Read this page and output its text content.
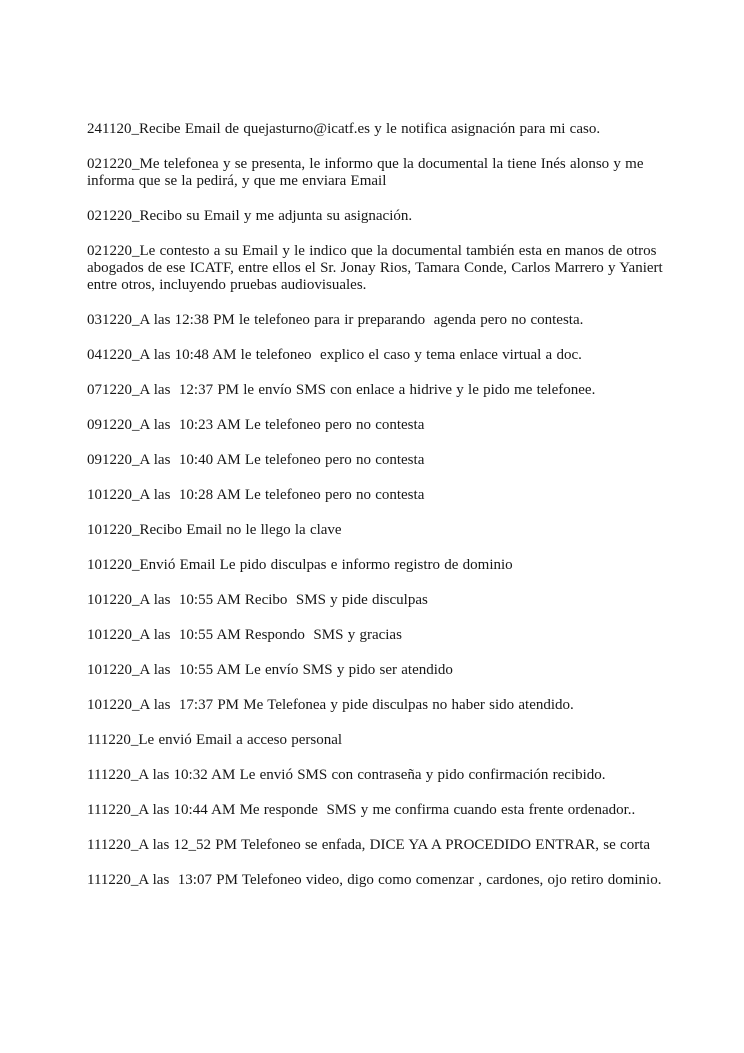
241120_Recibe Email de quejasturno@icatf.es y le notifica asignación para mi caso.

021220_Me telefonea y se presenta, le informo que la documental la tiene Inés alonso y me informa que se la pedirá, y que me enviara Email

021220_Recibo su Email y me adjunta su asignación.

021220_Le contesto a su Email y le indico que la documental también esta en manos de otros abogados de ese ICATF, entre ellos el Sr. Jonay Rios, Tamara Conde, Carlos Marrero y Yaniert entre otros, incluyendo pruebas audiovisuales.

031220_A las 12:38 PM le telefoneo para ir preparando  agenda pero no contesta.

041220_A las 10:48 AM le telefoneo  explico el caso y tema enlace virtual a doc.

071220_A las  12:37 PM le envío SMS con enlace a hidrive y le pido me telefonee.

091220_A las  10:23 AM Le telefoneo pero no contesta

091220_A las  10:40 AM Le telefoneo pero no contesta

101220_A las  10:28 AM Le telefoneo pero no contesta

101220_Recibo Email no le llego la clave

101220_Envió Email Le pido disculpas e informo registro de dominio

101220_A las  10:55 AM Recibo  SMS y pide disculpas

101220_A las  10:55 AM Respondo  SMS y gracias

101220_A las  10:55 AM Le envío SMS y pido ser atendido

101220_A las  17:37 PM Me Telefonea y pide disculpas no haber sido atendido.

111220_Le envió Email a acceso personal

111220_A las 10:32 AM Le envió SMS con contraseña y pido confirmación recibido.

111220_A las 10:44 AM Me responde  SMS y me confirma cuando esta frente ordenador..

111220_A las 12_52 PM Telefoneo se enfada, DICE YA A PROCEDIDO ENTRAR, se corta

111220_A las  13:07 PM Telefoneo video, digo como comenzar , cardones, ojo retiro dominio.
